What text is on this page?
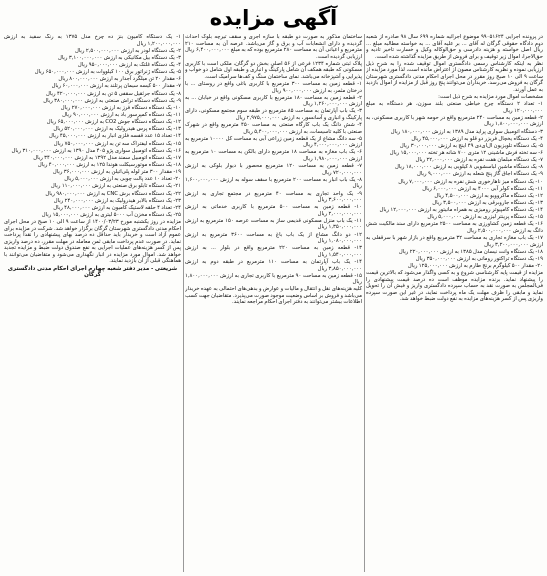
آگهی مزایده

در پرونده اجرایی ۹۹۰۵۱۶۲۴ موضوع اجرائیه شماره ۶۹۹ سال ۹۸ صادره از شعبه دوم دادگاه حقوقی گرگان له آقای ... بر علیه آقای ... به خواسته مطالبه مبلغ ... ریال اصل خواسته و هزینه دادرسی و حق‌الوکاله وکیل و خسارت تاخیر تادیه و حق‌الاجرا، اموال زیر توقیف و برای فروش از طریق مزایده گذاشته شده است.

نظر به اینکه کارشناس رسمی دادگستری اموال توقیف شده را به شرح ذیل ارزیابی نموده و نظریه کارشناس مصون از اعتراض مانده است، لذا مورد مزایده از ساعت ۹ الی ۱۰ صبح روز مقرر در محل اجرای احکام مدنی دادگستری شهرستان گرگان به فروش می‌رسد. خریداران می‌توانند پنج روز قبل از مزایده از اموال بازدید به عمل آورند.

مشخصات اموال مورد مزایده به شرح ذیل است:

۱- تعداد ۲ دستگاه چرخ خیاطی صنعتی بلند سوزن، هر دستگاه به مبلغ ۱۲۰,۰۰۰,۰۰۰ ریال

۲- قطعه زمین به مساحت ۲۴۰ مترمربع واقع در حومه شهر با کاربری مسکونی، به ارزش ۱,۸۰۰,۰۰۰,۰۰۰ ریال

۳- دستگاه اتومبیل سواری پراید مدل ۱۳۸۹ به ارزش ۱۸۰,۰۰۰,۰۰۰ ریال

۴- یک دستگاه یخچال فریزر دو قلو به ارزش ۴۵,۰۰۰,۰۰۰ ریال

۵- یک دستگاه تلویزیون ال‌ای‌دی ۴۹ اینچ به ارزش ۳۰,۰۰۰,۰۰۰ ریال

۶- سه تخته فرش ماشینی ۱۲ متری ۷۰۰ شانه هر تخته ۱۵,۰۰۰,۰۰۰ ریال

۷- یک دستگاه مبلمان هفت نفره به ارزش ۲۲,۰۰۰,۰۰۰ ریال

۸- یک دستگاه ماشین لباسشویی ۸ کیلویی به ارزش ۱۸,۰۰۰,۰۰۰ ریال

۹- یک دستگاه اجاق گاز پنج شعله به ارزش ۹,۰۰۰,۰۰۰ ریال

۱۰- یک دستگاه میز ناهارخوری شش نفره به ارزش ۷,۰۰۰,۰۰۰ ریال

۱۱- یک دستگاه کولر آبی ۴۰۰۰ به ارزش ۶,۰۰۰,۰۰۰ ریال

۱۲- یک دستگاه ماکروویو به ارزش ۴,۵۰۰,۰۰۰ ریال

۱۳- یک دستگاه جاروبرقی به ارزش ۳,۵۰۰,۰۰۰ ریال

۱۴- یک دستگاه کامپیوتر رومیزی به همراه مانیتور به ارزش ۱۲,۰۰۰,۰۰۰ ریال

۱۵- یک دستگاه پرینتر لیزری به ارزش ۵,۰۰۰,۰۰۰ ریال

۱۶- یک قطعه زمین کشاورزی به مساحت ۲۵۰۰ مترمربع دارای سند مالکیت شش دانگ به ارزش ۲,۵۰۰,۰۰۰,۰۰۰ ریال

۱۷- یک باب مغازه تجاری به مساحت ۳۲ مترمربع واقع در بازار شهر با سرقفلی به ارزش ۳,۲۰۰,۰۰۰,۰۰۰ ریال

۱۸- یک دستگاه وانت نیسان مدل ۱۳۸۵ به ارزش ۲۲۰,۰۰۰,۰۰۰ ریال

۱۹- یک دستگاه تراکتور رومانی به ارزش ۳۵۰,۰۰۰,۰۰۰ ریال

۲۰- مقدار ۵۰۰ کیلوگرم برنج طارم به ارزش ۱۲۵,۰۰۰,۰۰۰ ریال

مزایده از قیمت پایه کارشناسی شروع و به کسی واگذار می‌شود که بالاترین قیمت را پیشنهاد نماید. برنده مزایده موظف است ده درصد قیمت پیشنهادی را فی‌المجلس به صورت نقد به حساب سپرده دادگستری واریز و فیش آن را تحویل نماید و مابقی را ظرف مهلت یک ماه پرداخت نماید، در غیر این صورت سپرده واریزی پس از کسر هزینه‌های مزایده به نفع دولت ضبط خواهد شد.

ساختمان مذکور به صورت دو طبقه با سازه آجری و سقف تیرچه بلوک احداث گردیده و دارای انشعابات آب و برق و گاز می‌باشد. عرصه آن به مساحت ۲۱۰ مترمربع و اعیانی آن به مساحت ۲۸۰ مترمربع بوده که به مبلغ ۶,۴۰۰,۰۰۰,۰۰۰ ریال ارزیابی گردیده است.

پلاک ثبتی شماره ۱۲۳۴ فرعی از ۵۶ اصلی بخش دو گرگان، ملکی است با کاربری مسکونی که طبقه همکف آن شامل پارکینگ و انباری و طبقه اول شامل دو خواب و پذیرایی و آشپزخانه می‌باشد. نمای ساختمان سنگ و کف‌ها سرامیک است.

۱- قطعه زمین به مساحت ۳۰۰ مترمربع با کاربری باغی واقع در روستای ... با درختان مثمر، به ارزش ۹۰۰,۰۰۰,۰۰۰ ریال

۲- قطعه زمین به مساحت ۱۸۰ مترمربع با کاربری مسکونی واقع در خیابان ... به ارزش ۱,۲۶۰,۰۰۰,۰۰۰ ریال

۳- یک باب آپارتمان به مساحت ۸۵ مترمربع در طبقه سوم مجتمع مسکونی، دارای پارکینگ و انباری و آسانسور، به ارزش ۲,۹۷۵,۰۰۰,۰۰۰ ریال

۴- شش دانگ یک باب کارگاه صنعتی به مساحت ۴۵۰ مترمربع واقع در شهرک صنعتی با کلیه تاسیسات، به ارزش ۵,۴۰۰,۰۰۰,۰۰۰ ریال

۵- سه دانگ مشاع از یک قطعه زمین زراعی آبی به مساحت کل ۱۰۰۰۰ مترمربع به ارزش ۴,۰۰۰,۰۰۰,۰۰۰ ریال

۶- یک باب مغازه به مساحت ۱۸ مترمربع دارای بالکن به مساحت ۱۰ مترمربع به ارزش ۱,۹۸۰,۰۰۰,۰۰۰ ریال

۷- قطعه زمین به مساحت ۱۲۰ مترمربع محصور با دیوار بلوکی به ارزش ۷۲۰,۰۰۰,۰۰۰ ریال

۸- یک باب انبار به مساحت ۲۰۰ مترمربع با سقف سوله به ارزش ۱,۶۰۰,۰۰۰,۰۰۰ ریال

۹- یک واحد تجاری به مساحت ۴۰ مترمربع در مجتمع تجاری به ارزش ۳,۶۰۰,۰۰۰,۰۰۰ ریال

۱۰- قطعه زمین به مساحت ۵۰۰ مترمربع با کاربری خدماتی به ارزش ۲,۰۰۰,۰۰۰,۰۰۰ ریال

۱۱- یک باب منزل مسکونی قدیمی ساز به مساحت عرصه ۱۵۰ مترمربع به ارزش ۱,۳۵۰,۰۰۰,۰۰۰ ریال

۱۲- دو دانگ مشاع از یک باب باغ به مساحت ۳۶۰۰ مترمربع به ارزش ۱,۰۸۰,۰۰۰,۰۰۰ ریال

۱۳- قطعه زمین به مساحت ۲۲۰ مترمربع واقع در بلوار ... به ارزش ۱,۵۴۰,۰۰۰,۰۰۰ ریال

۱۴- یک باب آپارتمان به مساحت ۱۱۰ مترمربع در طبقه دوم به ارزش ۳,۸۵۰,۰۰۰,۰۰۰ ریال

۱۵- قطعه زمین به مساحت ۹۰ مترمربع با کاربری تجاری به ارزش ۱,۸۰۰,۰۰۰,۰۰۰ ریال

کلیه هزینه‌های نقل و انتقال و مالیات و عوارض و بدهی‌های احتمالی به عهده خریدار می‌باشد و فروش بر اساس وضعیت موجود صورت می‌پذیرد. متقاضیان جهت کسب اطلاعات بیشتر می‌توانند به دفتر اجرای احکام مراجعه نمایند.

۱- یک دستگاه کامیون بنز ده چرخ مدل ۱۳۷۵ به رنگ سفید به ارزش ۱,۲۰۰,۰۰۰,۰۰۰ ریال

۲- یک دستگاه لودر به ارزش ۲,۵۰۰,۰۰۰,۰۰۰ ریال

۳- یک دستگاه بیل مکانیکی به ارزش ۳,۱۰۰,۰۰۰,۰۰۰ ریال

۴- یک دستگاه غلتک به ارزش ۹۵۰,۰۰۰,۰۰۰ ریال

۵- یک دستگاه ژنراتور برق ۱۰۰ کیلووات به ارزش ۶۵۰,۰۰۰,۰۰۰ ریال

۶- مقدار ۲۰ تن میلگرد آجدار به ارزش ۸۰۰,۰۰۰,۰۰۰ ریال

۷- مقدار ۵۰۰ کیسه سیمان پرتلند به ارزش ۶۰,۰۰۰,۰۰۰ ریال

۸- یک دستگاه جرثقیل سقفی ۵ تن به ارزش ۴۲۰,۰۰۰,۰۰۰ ریال

۹- یک دستگاه دستگاه تراش صنعتی به ارزش ۳۸۰,۰۰۰,۰۰۰ ریال

۱۰- یک دستگاه دستگاه فرز به ارزش ۲۷۰,۰۰۰,۰۰۰ ریال

۱۱- یک دستگاه کمپرسور باد به ارزش ۹۰,۰۰۰,۰۰۰ ریال

۱۲- یک دستگاه دستگاه جوش CO2 به ارزش ۶۵,۰۰۰,۰۰۰ ریال

۱۳- یک دستگاه پرس هیدرولیک به ارزش ۵۲۰,۰۰۰,۰۰۰ ریال

۱۴- تعداد ۱۵ عدد قفسه فلزی انبار به ارزش ۴۵,۰۰۰,۰۰۰ ریال

۱۵- یک دستگاه لیفتراک سه تن به ارزش ۷۵۰,۰۰۰,۰۰۰ ریال

۱۶- یک دستگاه اتومبیل سواری پژو ۴۰۵ مدل ۱۳۹۰ به ارزش ۳۱۰,۰۰۰,۰۰۰ ریال

۱۷- یک دستگاه اتومبیل سمند مدل ۱۳۹۲ به ارزش ۳۴۰,۰۰۰,۰۰۰ ریال

۱۸- یک دستگاه موتورسیکلت هوندا ۱۲۵ به ارزش ۴۰,۰۰۰,۰۰۰ ریال

۱۹- مقدار ۳۰۰ متر لوله پلی‌اتیلن به ارزش ۳۶,۰۰۰,۰۰۰ ریال

۲۰- تعداد ۱۰ عدد پالت چوبی به ارزش ۵,۰۰۰,۰۰۰ ریال

۲۱- یک دستگاه تابلو برق صنعتی به ارزش ۱۱۰,۰۰۰,۰۰۰ ریال

۲۲- یک دستگاه دستگاه برش CNC به ارزش ۹۸۰,۰۰۰,۰۰۰ ریال

۲۳- یک دستگاه بالابر هیدرولیک به ارزش ۲۴۰,۰۰۰,۰۰۰ ریال

۲۴- تعداد ۴ حلقه لاستیک کامیون به ارزش ۴۸,۰۰۰,۰۰۰ ریال

۲۵- یک دستگاه مخزن آب ۵۰۰۰ لیتری به ارزش ۱۵,۰۰۰,۰۰۰ ریال

مزایده در روز یکشنبه مورخ ۱۴۰۰/۰۳/۲۳ از ساعت ۹ الی ۱۰ صبح در محل اجرای احکام مدنی دادگستری شهرستان گرگان برگزار خواهد شد. شرکت در مزایده برای عموم آزاد است و خریدار باید حداقل ده درصد بهای پیشنهادی را نقداً پرداخت نماید. در صورت عدم پرداخت مابقی ثمن معامله در مهلت مقرر، ده درصد واریزی پس از کسر هزینه‌های عملیات اجرایی به نفع صندوق دولت ضبط و مزایده تجدید خواهد شد. اموال مورد مزایده در انبار نگهداری می‌شود و متقاضیان می‌توانند با هماهنگی قبلی از آن بازدید نمایند.

شریعتی - مدیر دفتر شعبه چهارم اجرای احکام مدنی دادگستری گرگان
